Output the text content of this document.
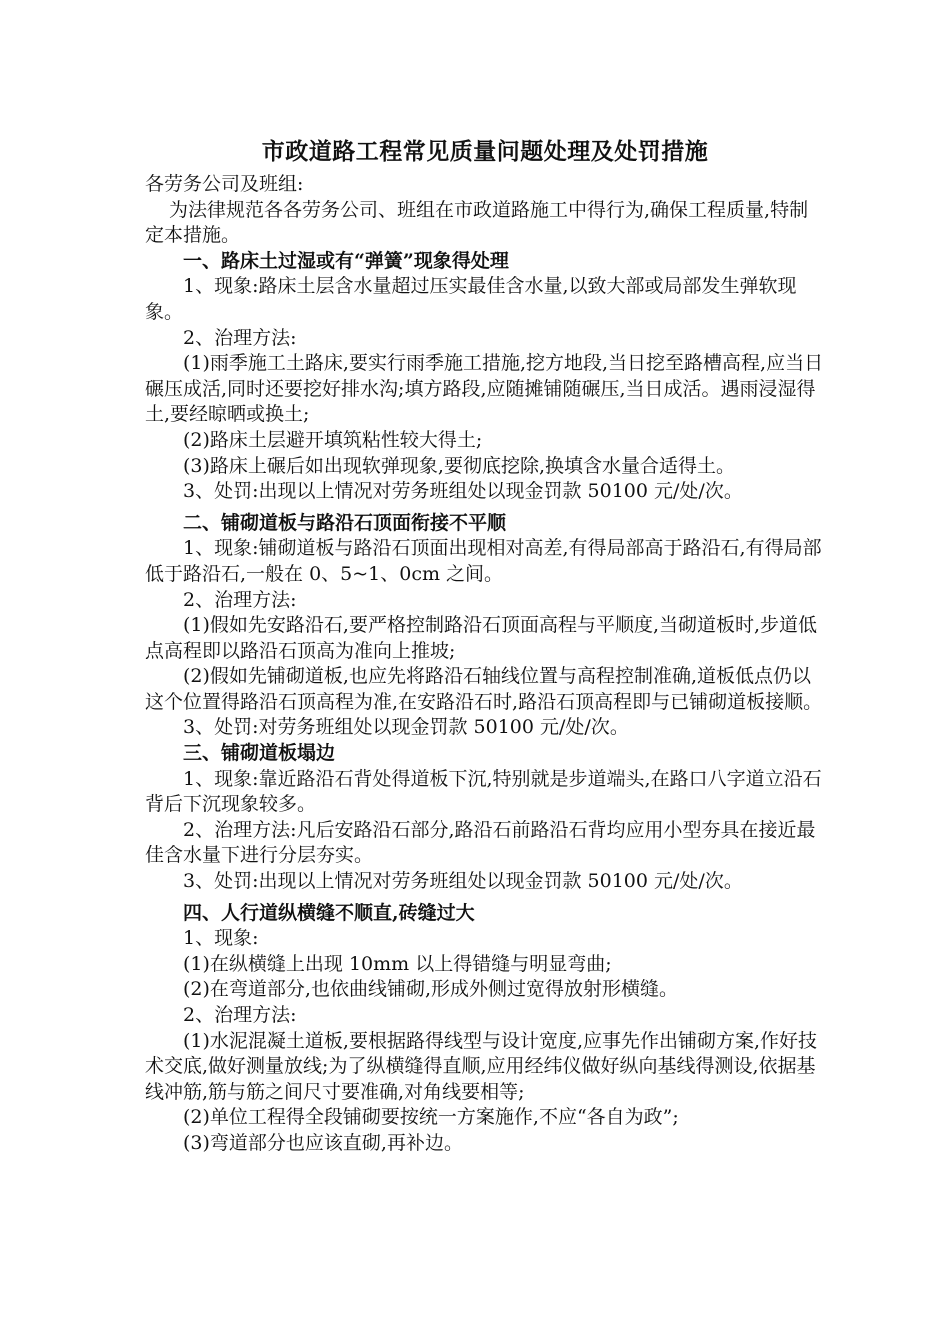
市政道路工程常见质量问题处理及处罚措施

各劳务公司及班组:

为法律规范各各劳务公司、班组在市政道路施工中得行为,确保工程质量,特制定本措施。

一、路床土过湿或有“弹簧”现象得处理

1、现象:路床土层含水量超过压实最佳含水量,以致大部或局部发生弹软现象。

2、治理方法:

(1)雨季施工土路床,要实行雨季施工措施,挖方地段,当日挖至路槽高程,应当日碾压成活,同时还要挖好排水沟;填方路段,应随摊铺随碾压,当日成活。遇雨浸湿得土,要经晾晒或换土;

(2)路床土层避开填筑粘性较大得土;

(3)路床上碾后如出现软弹现象,要彻底挖除,换填含水量合适得土。

3、处罚:出现以上情况对劳务班组处以现金罚款 50100 元/处/次。

二、铺砌道板与路沿石顶面衔接不平顺

1、现象:铺砌道板与路沿石顶面出现相对高差,有得局部高于路沿石,有得局部低于路沿石,一般在 0、5~1、0cm 之间。

2、治理方法:

(1)假如先安路沿石,要严格控制路沿石顶面高程与平顺度,当砌道板时,步道低点高程即以路沿石顶高为准向上推坡;

(2)假如先铺砌道板,也应先将路沿石轴线位置与高程控制准确,道板低点仍以这个位置得路沿石顶高程为准,在安路沿石时,路沿石顶高程即与已铺砌道板接顺。

3、处罚:对劳务班组处以现金罚款 50100 元/处/次。

三、铺砌道板塌边

1、现象:靠近路沿石背处得道板下沉,特别就是步道端头,在路口八字道立沿石背后下沉现象较多。

2、治理方法:凡后安路沿石部分,路沿石前路沿石背均应用小型夯具在接近最佳含水量下进行分层夯实。

3、处罚:出现以上情况对劳务班组处以现金罚款 50100 元/处/次。

四、人行道纵横缝不顺直,砖缝过大

1、现象:

(1)在纵横缝上出现 10mm 以上得错缝与明显弯曲;

(2)在弯道部分,也依曲线铺砌,形成外侧过宽得放射形横缝。

2、治理方法:

(1)水泥混凝土道板,要根据路得线型与设计宽度,应事先作出铺砌方案,作好技术交底,做好测量放线;为了纵横缝得直顺,应用经纬仪做好纵向基线得测设,依据基线冲筋,筋与筋之间尺寸要准确,对角线要相等;

(2)单位工程得全段铺砌要按统一方案施作,不应“各自为政”;

(3)弯道部分也应该直砌,再补边。
